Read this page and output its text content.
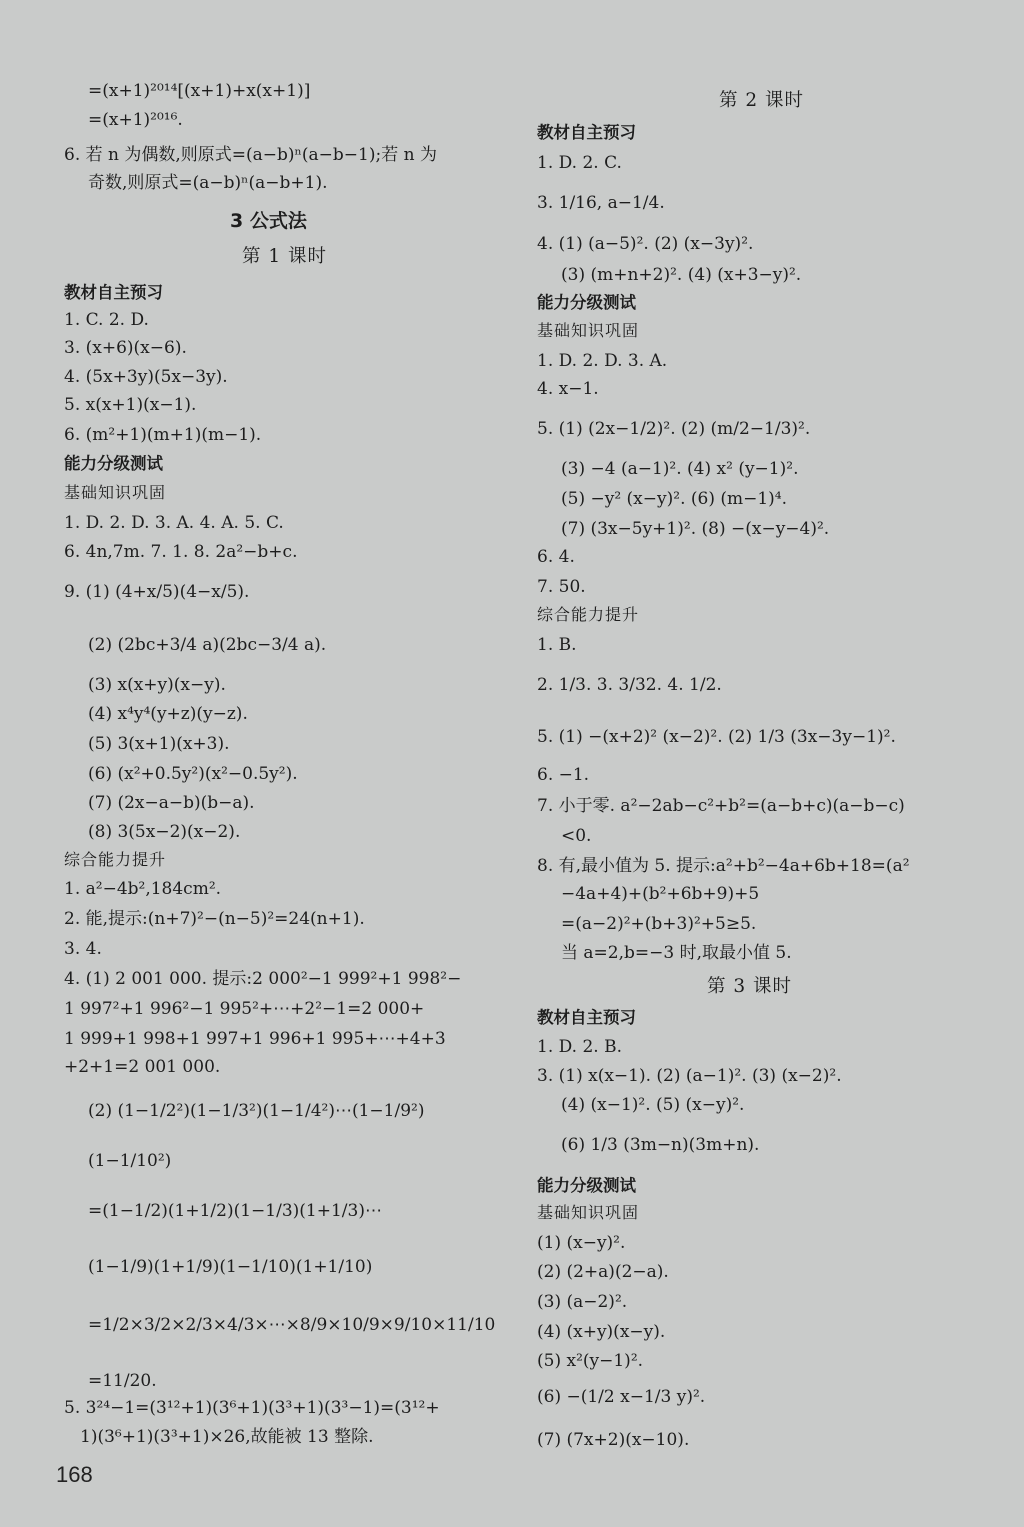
=(x+1)²⁰¹⁴[(x+1)+x(x+1)]
=(x+1)²⁰¹⁶.
6. 若 n 为偶数,则原式=(a−b)ⁿ(a−b−1);若 n 为
奇数,则原式=(a−b)ⁿ(a−b+1).
3 公式法
第 1 课时
教材自主预习
1. C. 2. D.
3. (x+6)(x−6).
4. (5x+3y)(5x−3y).
5. x(x+1)(x−1).
6. (m²+1)(m+1)(m−1).
能力分级测试
基础知识巩固
1. D. 2. D. 3. A. 4. A. 5. C.
6. 4n,7m. 7. 1. 8. 2a²−b+c.
9. (1) (4+x/5)(4−x/5).
(2) (2bc+3/4 a)(2bc−3/4 a).
(3) x(x+y)(x−y).
(4) x⁴y⁴(y+z)(y−z).
(5) 3(x+1)(x+3).
(6) (x²+0.5y²)(x²−0.5y²).
(7) (2x−a−b)(b−a).
(8) 3(5x−2)(x−2).
综合能力提升
1. a²−4b²,184cm².
2. 能,提示:(n+7)²−(n−5)²=24(n+1).
3. 4.
4. (1) 2 001 000. 提示:2 000²−1 999²+1 998²−
1 997²+1 996²−1 995²+⋯+2²−1=2 000+
1 999+1 998+1 997+1 996+1 995+⋯+4+3
+2+1=2 001 000.
(2) (1−1/2²)(1−1/3²)(1−1/4²)⋯(1−1/9²)
(1−1/10²)
=(1−1/2)(1+1/2)(1−1/3)(1+1/3)⋯
(1−1/9)(1+1/9)(1−1/10)(1+1/10)
=1/2×3/2×2/3×4/3×⋯×8/9×10/9×9/10×11/10
=11/20.
5. 3²⁴−1=(3¹²+1)(3⁶+1)(3³+1)(3³−1)=(3¹²+
1)(3⁶+1)(3³+1)×26,故能被 13 整除.
第 2 课时
教材自主预习
1. D. 2. C.
3. 1/16, a−1/4.
4. (1) (a−5)². (2) (x−3y)².
(3) (m+n+2)². (4) (x+3−y)².
能力分级测试
基础知识巩固
1. D. 2. D. 3. A.
4. x−1.
5. (1) (2x−1/2)². (2) (m/2−1/3)².
(3) −4 (a−1)². (4) x² (y−1)².
(5) −y² (x−y)². (6) (m−1)⁴.
(7) (3x−5y+1)². (8) −(x−y−4)².
6. 4.
7. 50.
综合能力提升
1. B.
2. 1/3. 3. 3/32. 4. 1/2.
5. (1) −(x+2)² (x−2)². (2) 1/3 (3x−3y−1)².
6. −1.
7. 小于零. a²−2ab−c²+b²=(a−b+c)(a−b−c)
<0.
8. 有,最小值为 5. 提示:a²+b²−4a+6b+18=(a²
−4a+4)+(b²+6b+9)+5
=(a−2)²+(b+3)²+5≥5.
当 a=2,b=−3 时,取最小值 5.
第 3 课时
教材自主预习
1. D. 2. B.
3. (1) x(x−1). (2) (a−1)². (3) (x−2)².
(4) (x−1)². (5) (x−y)².
(6) 1/3 (3m−n)(3m+n).
能力分级测试
基础知识巩固
(1) (x−y)².
(2) (2+a)(2−a).
(3) (a−2)².
(4) (x+y)(x−y).
(5) x²(y−1)².
(6) −(1/2 x−1/3 y)².
(7) (7x+2)(x−10).
168
